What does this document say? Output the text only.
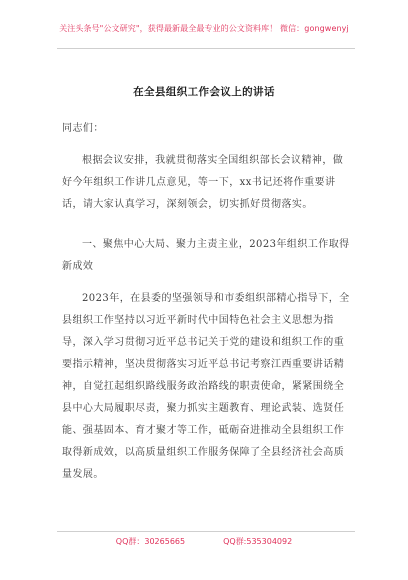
关注头条号"公文研究"，获得最新最全最专业的公文资料库！ 微信：gongwenyj
在全县组织工作会议上的讲话

同志们：

根据会议安排，我就贯彻落实全国组织部长会议精神，做好今年组织工作讲几点意见，等一下，xx书记还将作重要讲话，请大家认真学习，深刻领会，切实抓好贯彻落实。

一、聚焦中心大局、聚力主责主业，2023年组织工作取得新成效

2023年，在县委的坚强领导和市委组织部精心指导下，全县组织工作坚持以习近平新时代中国特色社会主义思想为指导，深入学习贯彻习近平总书记关于党的建设和组织工作的重要指示精神，坚决贯彻落实习近平总书记考察江西重要讲话精神，自觉扛起组织路线服务政治路线的职责使命，紧紧围绕全县中心大局履职尽责，聚力抓实主题教育、理论武装、选贤任能、强基固本、育才聚才等工作，砥砺奋进推动全县组织工作取得新成效，以高质量组织工作服务保障了全县经济社会高质量发展。

QQ群：30265665	QQ群:535304092
